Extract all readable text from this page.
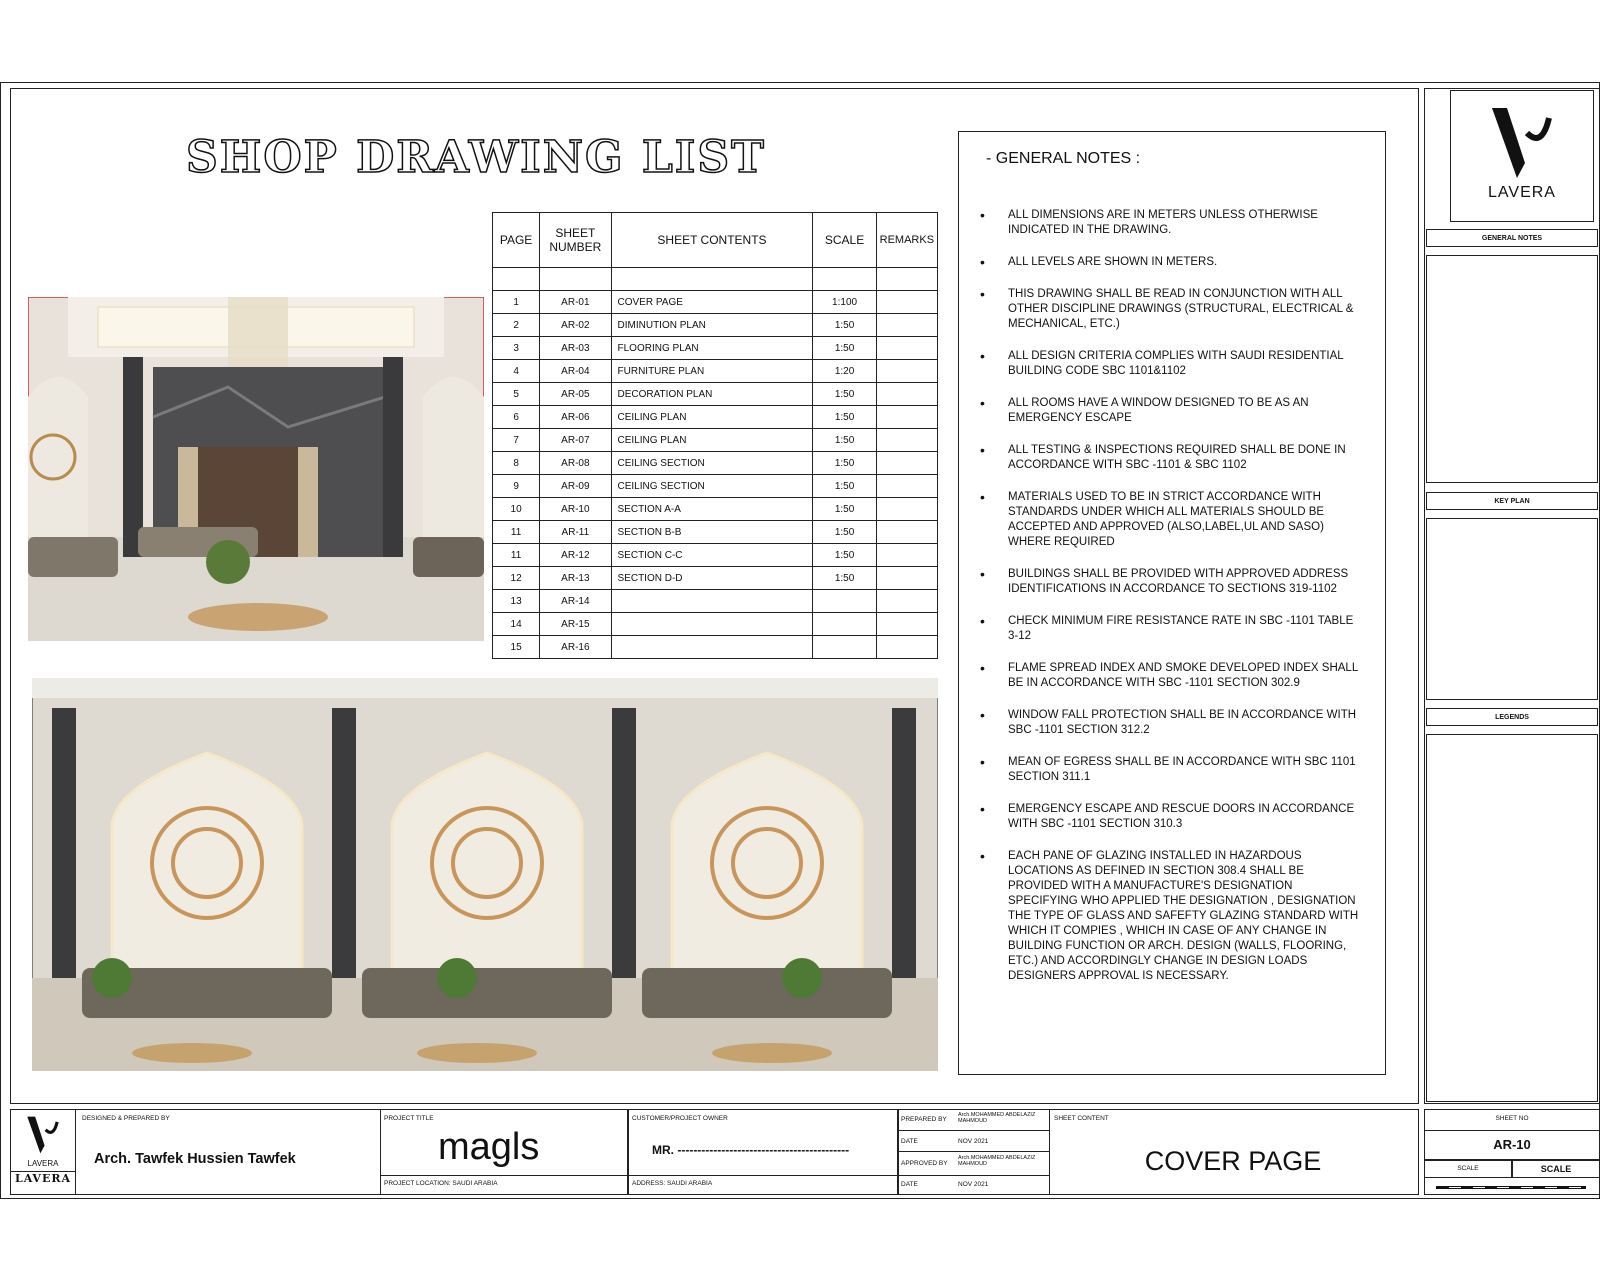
SHOP DRAWING LIST
PAGE	SHEET NUMBER	SHEET CONTENTS	SCALE	REMARKS

1	AR-01	COVER PAGE	1:100	
2	AR-02	DIMINUTION PLAN	1:50	
3	AR-03	FLOORING PLAN	1:50	
4	AR-04	FURNITURE PLAN	1:20	
5	AR-05	DECORATION PLAN	1:50	
6	AR-06	CEILING PLAN	1:50	
7	AR-07	CEILING PLAN	1:50	
8	AR-08	CEILING SECTION	1:50	
9	AR-09	CEILING SECTION	1:50	
10	AR-10	SECTION A-A	1:50	
11	AR-11	SECTION B-B	1:50	
11	AR-12	SECTION C-C	1:50	
12	AR-13	SECTION D-D	1:50	
13	AR-14			
14	AR-15			
15	AR-16			
- GENERAL NOTES :
• ALL DIMENSIONS ARE IN METERS UNLESS OTHERWISE INDICATED IN THE DRAWING.
• ALL LEVELS ARE SHOWN IN METERS.
• THIS DRAWING SHALL BE READ IN CONJUNCTION WITH ALL OTHER DISCIPLINE DRAWINGS (STRUCTURAL, ELECTRICAL & MECHANICAL, ETC.)
• ALL DESIGN CRITERIA COMPLIES WITH SAUDI RESIDENTIAL BUILDING CODE SBC 1101&1102
• ALL ROOMS HAVE A WINDOW DESIGNED TO BE AS AN EMERGENCY ESCAPE
• ALL TESTING & INSPECTIONS REQUIRED SHALL BE DONE IN ACCORDANCE WITH SBC -1101 & SBC 1102
• MATERIALS USED TO BE IN STRICT ACCORDANCE WITH STANDARDS UNDER WHICH ALL MATERIALS SHOULD BE ACCEPTED AND APPROVED (ALSO,LABEL,UL AND SASO) WHERE REQUIRED
• BUILDINGS SHALL BE PROVIDED WITH APPROVED ADDRESS IDENTIFICATIONS IN ACCORDANCE TO SECTIONS 319-1102
• CHECK MINIMUM FIRE RESISTANCE RATE IN SBC -1101 TABLE 3-12
• FLAME SPREAD INDEX AND SMOKE DEVELOPED INDEX SHALL BE IN ACCORDANCE WITH SBC -1101 SECTION 302.9
• WINDOW FALL PROTECTION SHALL BE IN ACCORDANCE WITH SBC -1101 SECTION 312.2
• MEAN OF EGRESS SHALL BE IN ACCORDANCE WITH SBC 1101 SECTION 311.1
• EMERGENCY ESCAPE AND RESCUE DOORS IN ACCORDANCE WITH SBC -1101 SECTION 310.3
• EACH PANE OF GLAZING INSTALLED IN HAZARDOUS LOCATIONS AS DEFINED IN SECTION 308.4 SHALL BE PROVIDED WITH A MANUFACTURE'S DESIGNATION SPECIFYING WHO APPLIED THE DESIGNATION , DESIGNATION THE TYPE OF GLASS AND SAFEFTY GLAZING STANDARD WITH WHICH IT COMPIES , WHICH IN CASE OF ANY CHANGE IN BUILDING FUNCTION OR ARCH. DESIGN (WALLS, FLOORING, ETC.) AND ACCORDINGLY CHANGE IN DESIGN LOADS DESIGNERS APPROVAL IS NECESSARY.
LAVERA
GENERAL NOTES
KEY PLAN
LEGENDS
LAVERA
LAVERA
DESIGNED & PREPARED BY
Arch. Tawfek Hussien Tawfek
PROJECT TITLE
magls
PROJECT LOCATION: SAUDI ARABIA
CUSTOMER/PROJECT OWNER
MR. -------------------------------------------
ADDRESS: SAUDI ARABIA
PREPARED BY
Arch.MOHAMMED ABDELAZIZ MAHMOUD
DATE	NOV 2021
APPROVED BY
Arch.MOHAMMED ABDELAZIZ MAHMOUD
DATE	NOV 2021
SHEET CONTENT
COVER PAGE
SHEET NO
AR-10
SCALE	SCALE
